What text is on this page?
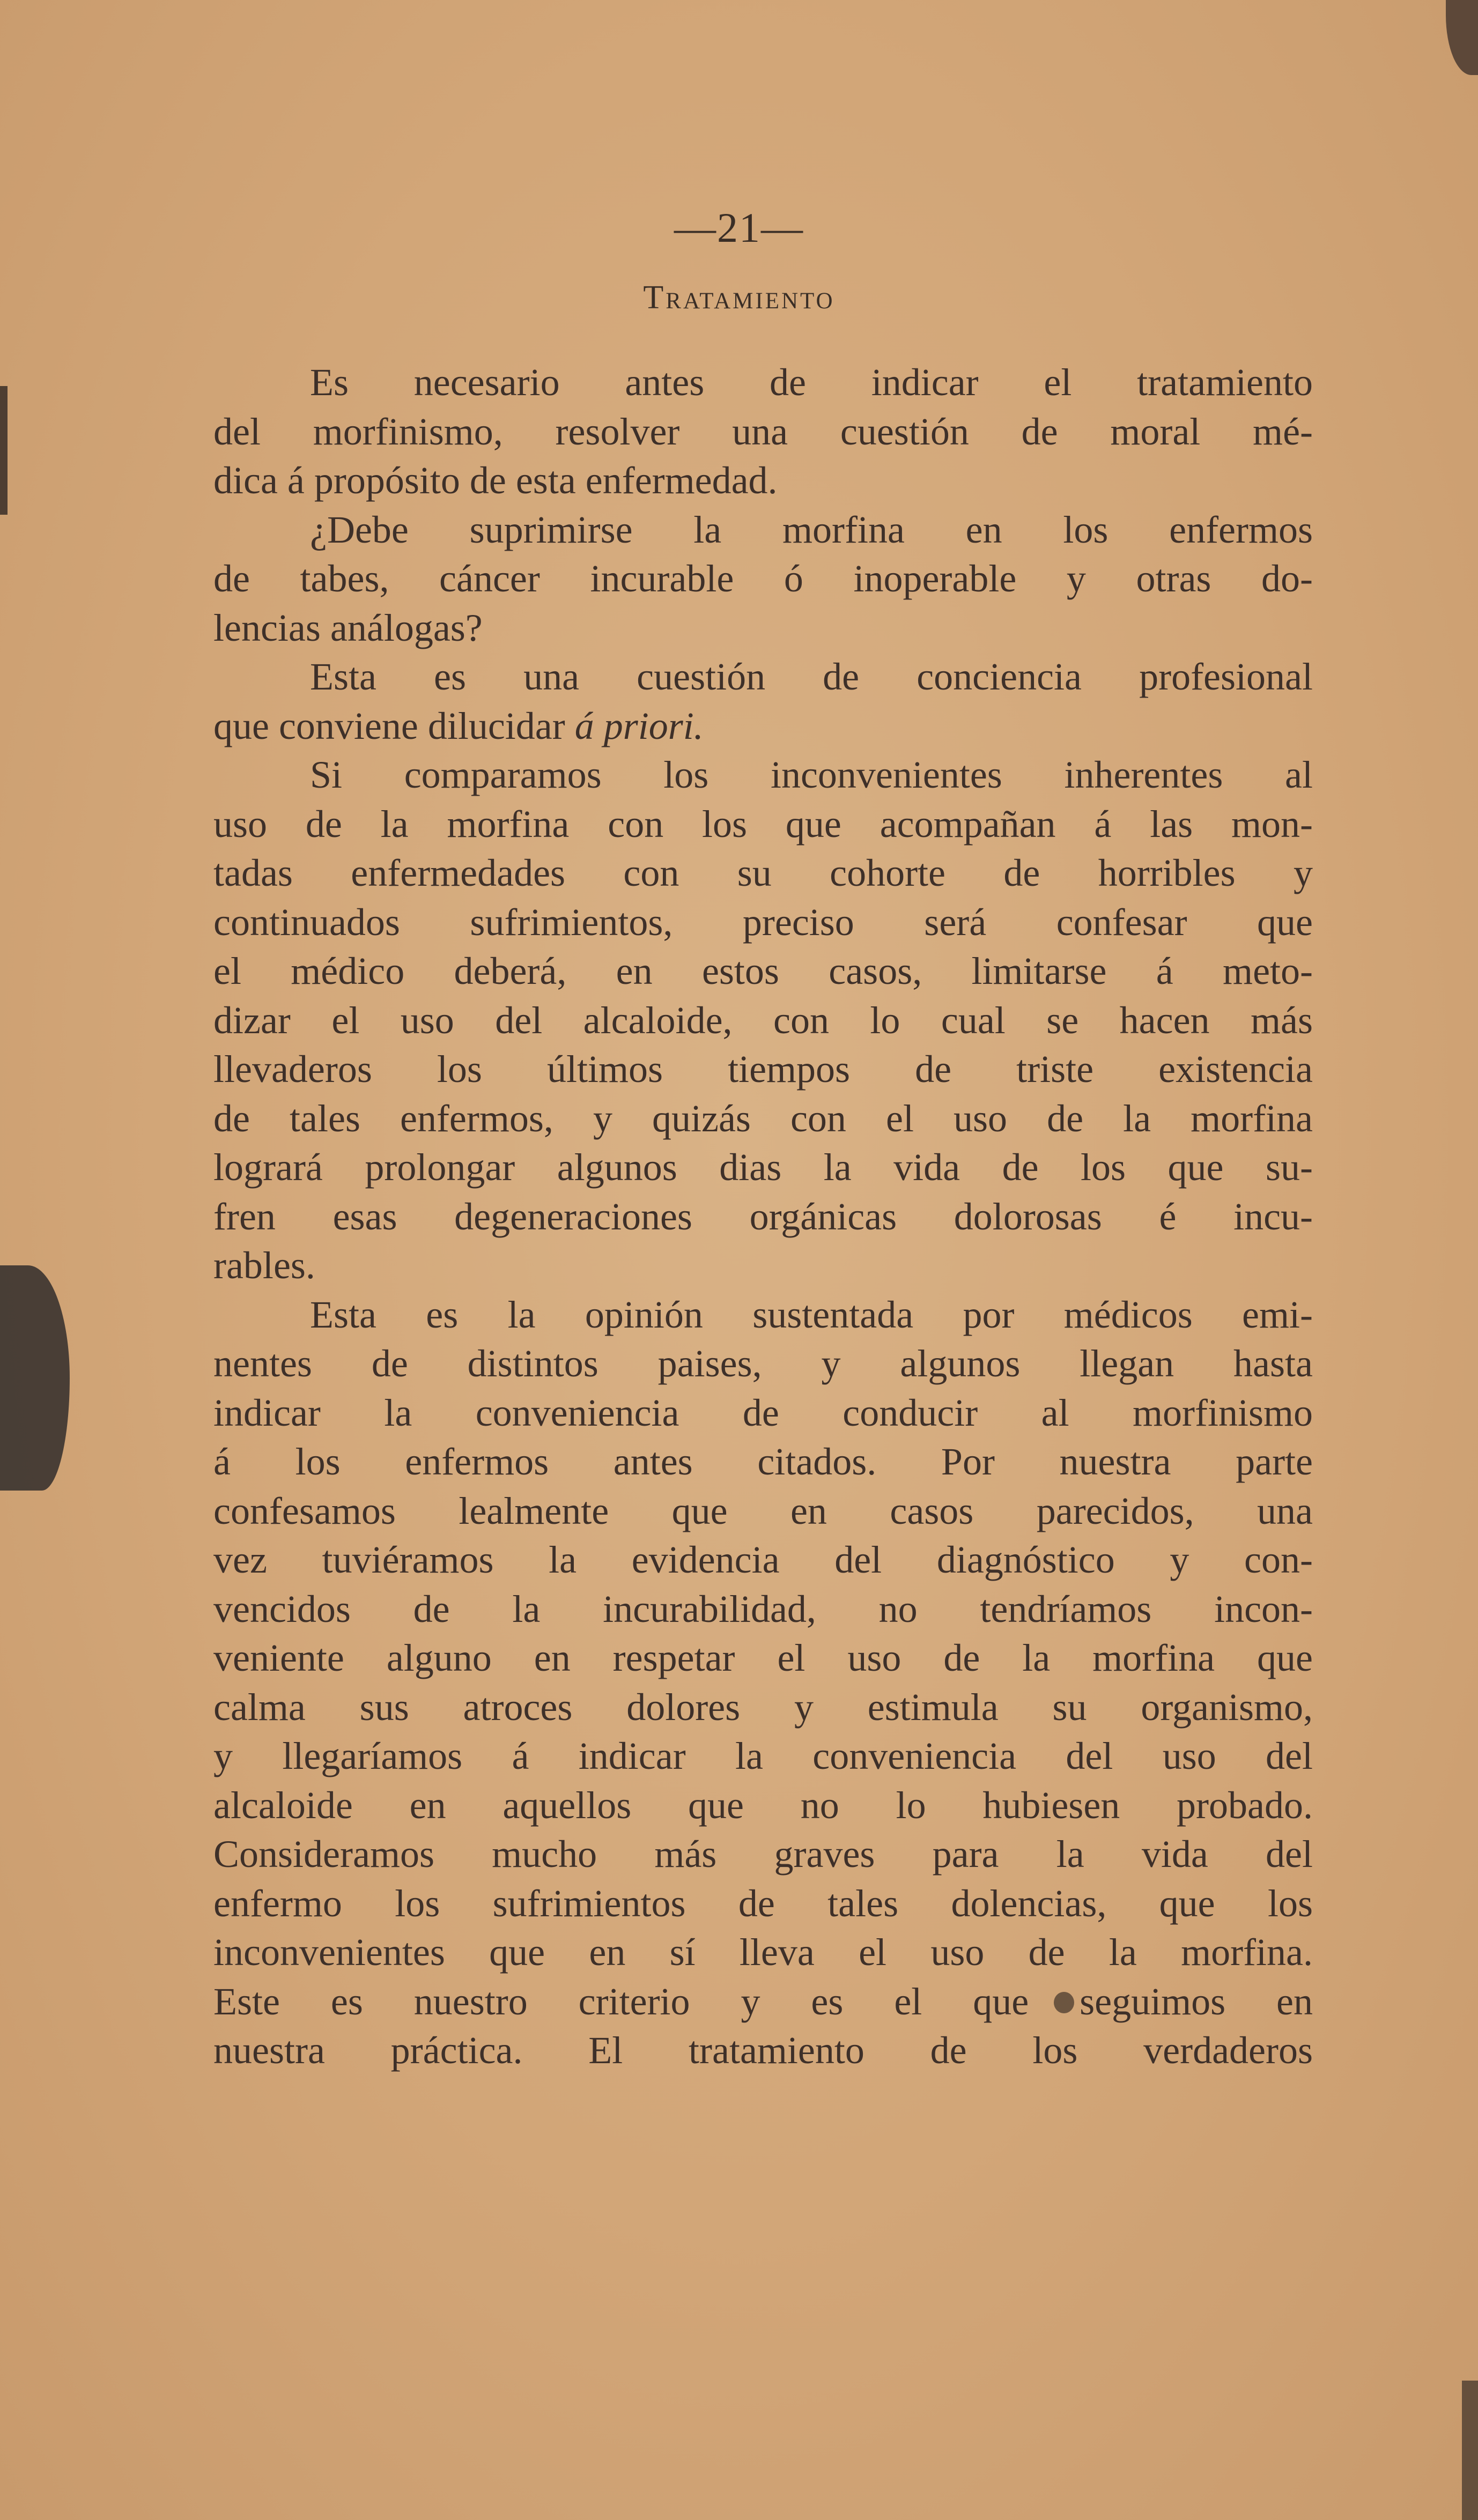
—21—
Tratamiento
Es necesario antes de indicar el tratamiento
del morfinismo, resolver una cuestión de moral mé-
dica á propósito de esta enfermedad.
¿Debe suprimirse la morfina en los enfermos
de tabes, cáncer incurable ó inoperable y otras do-
lencias análogas?
Esta es una cuestión de conciencia profesional
que conviene dilucidar á priori.
Si comparamos los inconvenientes inherentes al
uso de la morfina con los que acompañan á las mon-
tadas enfermedades con su cohorte de horribles y
continuados sufrimientos, preciso será confesar que
el médico deberá, en estos casos, limitarse á meto-
dizar el uso del alcaloide, con lo cual se hacen más
llevaderos los últimos tiempos de triste existencia
de tales enfermos, y quizás con el uso de la morfina
logrará prolongar algunos dias la vida de los que su-
fren esas degeneraciones orgánicas dolorosas é incu-
rables.
Esta es la opinión sustentada por médicos emi-
nentes de distintos paises, y algunos llegan hasta
indicar la conveniencia de conducir al morfinismo
á los enfermos antes citados. Por nuestra parte
confesamos lealmente que en casos parecidos, una
vez tuviéramos la evidencia del diagnóstico y con-
vencidos de la incurabilidad, no tendríamos incon-
veniente alguno en respetar el uso de la morfina que
calma sus atroces dolores y estimula su organismo,
y llegaríamos á indicar la conveniencia del uso del
alcaloide en aquellos que no lo hubiesen probado.
Consideramos mucho más graves para la vida del
enfermo los sufrimientos de tales dolencias, que los
inconvenientes que en sí lleva el uso de la morfina.
Este es nuestro criterio y es el que seguimos en
nuestra práctica. El tratamiento de los verdaderos
